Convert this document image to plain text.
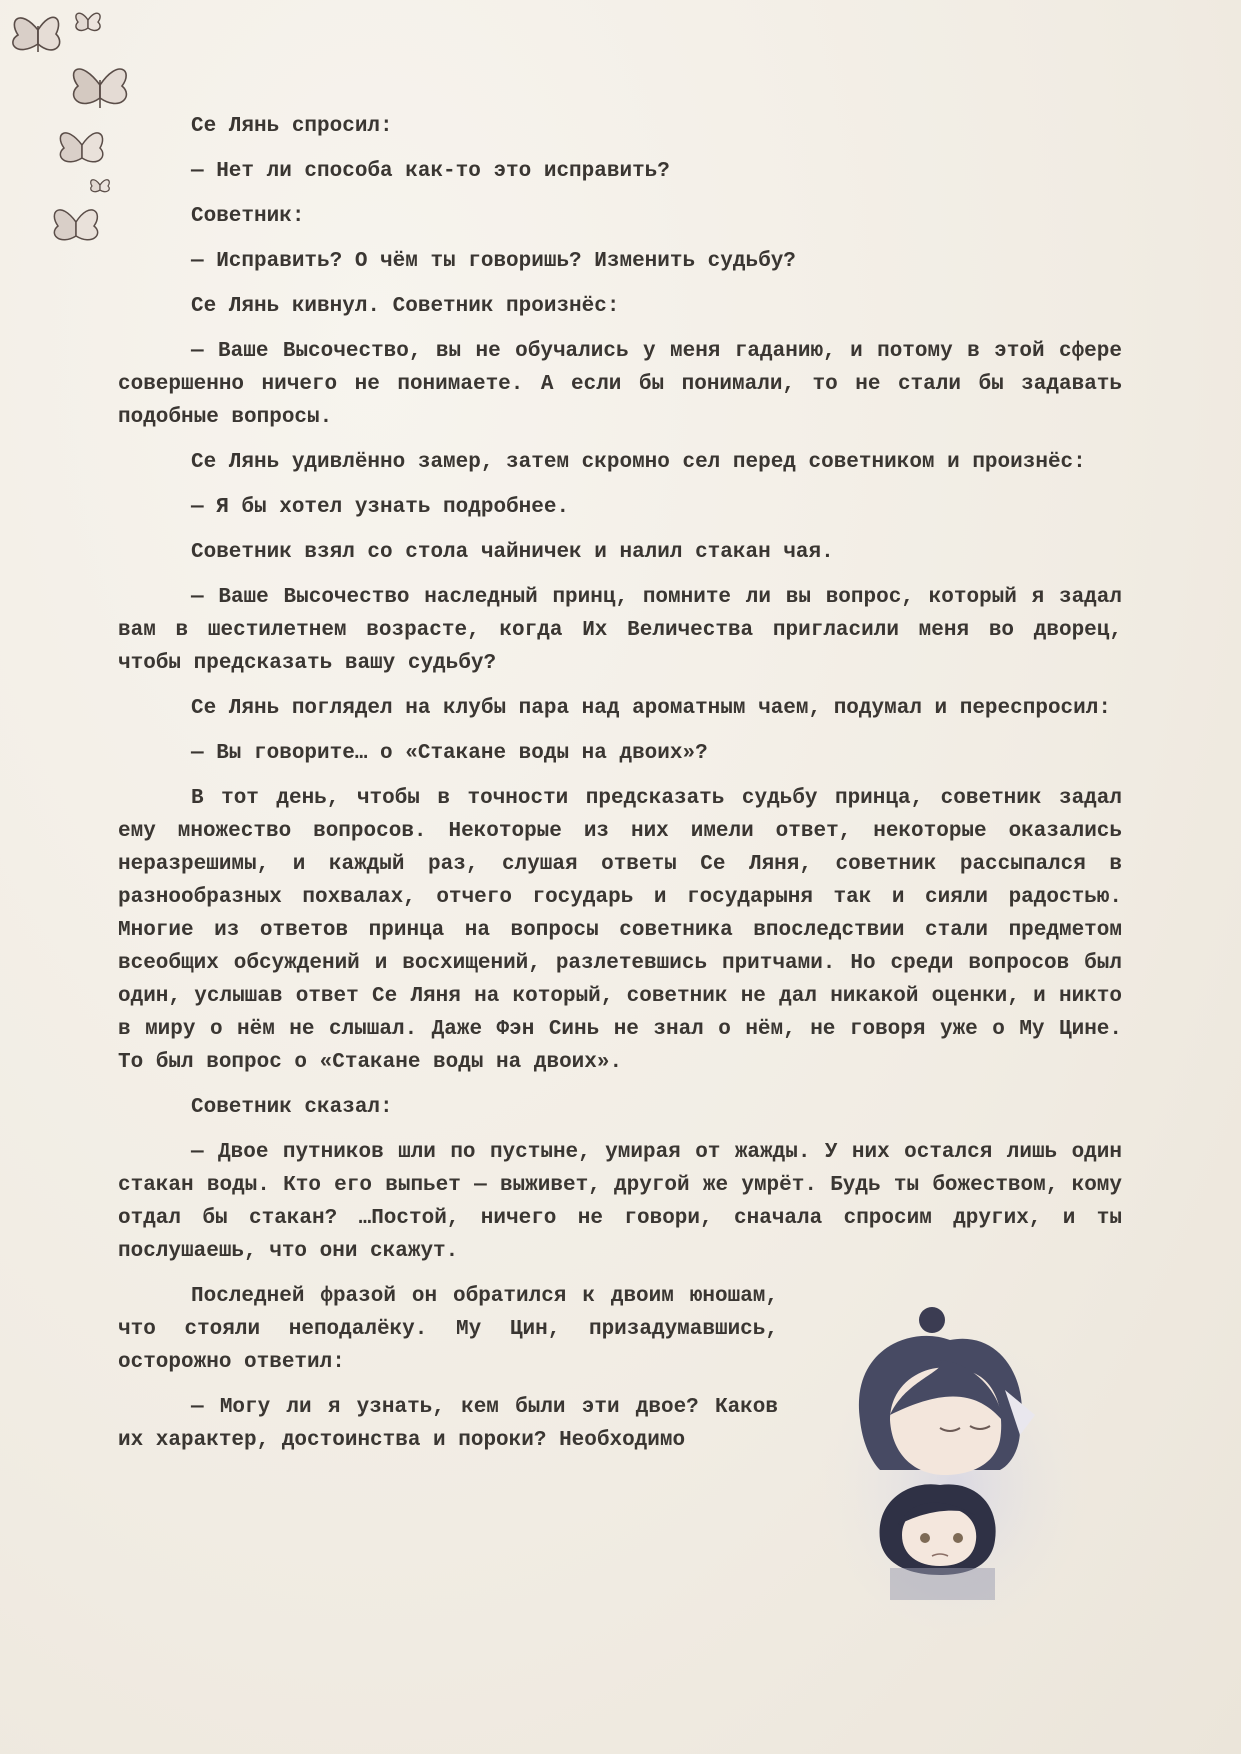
Се Лянь спросил:

— Нет ли способа как-то это исправить?

Советник:

— Исправить? О чём ты говоришь? Изменить судьбу?

Се Лянь кивнул. Советник произнёс:

— Ваше Высочество, вы не обучались у меня гаданию, и потому в этой сфере совершенно ничего не понимаете. А если бы понимали, то не стали бы задавать подобные вопросы.

Се Лянь удивлённо замер, затем скромно сел перед советником и произнёс:

— Я бы хотел узнать подробнее.

Советник взял со стола чайничек и налил стакан чая.

— Ваше Высочество наследный принц, помните ли вы вопрос, который я задал вам в шестилетнем возрасте, когда Их Величества пригласили меня во дворец, чтобы предсказать вашу судьбу?

Се Лянь поглядел на клубы пара над ароматным чаем, подумал и переспросил:

— Вы говорите… о «Стакане воды на двоих»?

В тот день, чтобы в точности предсказать судьбу принца, советник задал ему множество вопросов. Некоторые из них имели ответ, некоторые оказались неразрешимы, и каждый раз, слушая ответы Се Ляня, советник рассыпался в разнообразных похвалах, отчего государь и государыня так и сияли радостью. Многие из ответов принца на вопросы советника впоследствии стали предметом всеобщих обсуждений и восхищений, разлетевшись притчами. Но среди вопросов был один, услышав ответ Се Ляня на который, советник не дал никакой оценки, и никто в миру о нём не слышал. Даже Фэн Синь не знал о нём, не говоря уже о Му Цине. То был вопрос о «Стакане воды на двоих».

Советник сказал:

— Двое путников шли по пустыне, умирая от жажды. У них остался лишь один стакан воды. Кто его выпьет — выживет, другой же умрёт. Будь ты божеством, кому отдал бы стакан? …Постой, ничего не говори, сначала спросим других, и ты послушаешь, что они скажут.

Последней фразой он обратился к двоим юношам, что стояли неподалёку. Му Цин, призадумавшись, осторожно ответил:

— Могу ли я узнать, кем были эти двое? Каков их характер, достоинства и пороки? Необходимо
